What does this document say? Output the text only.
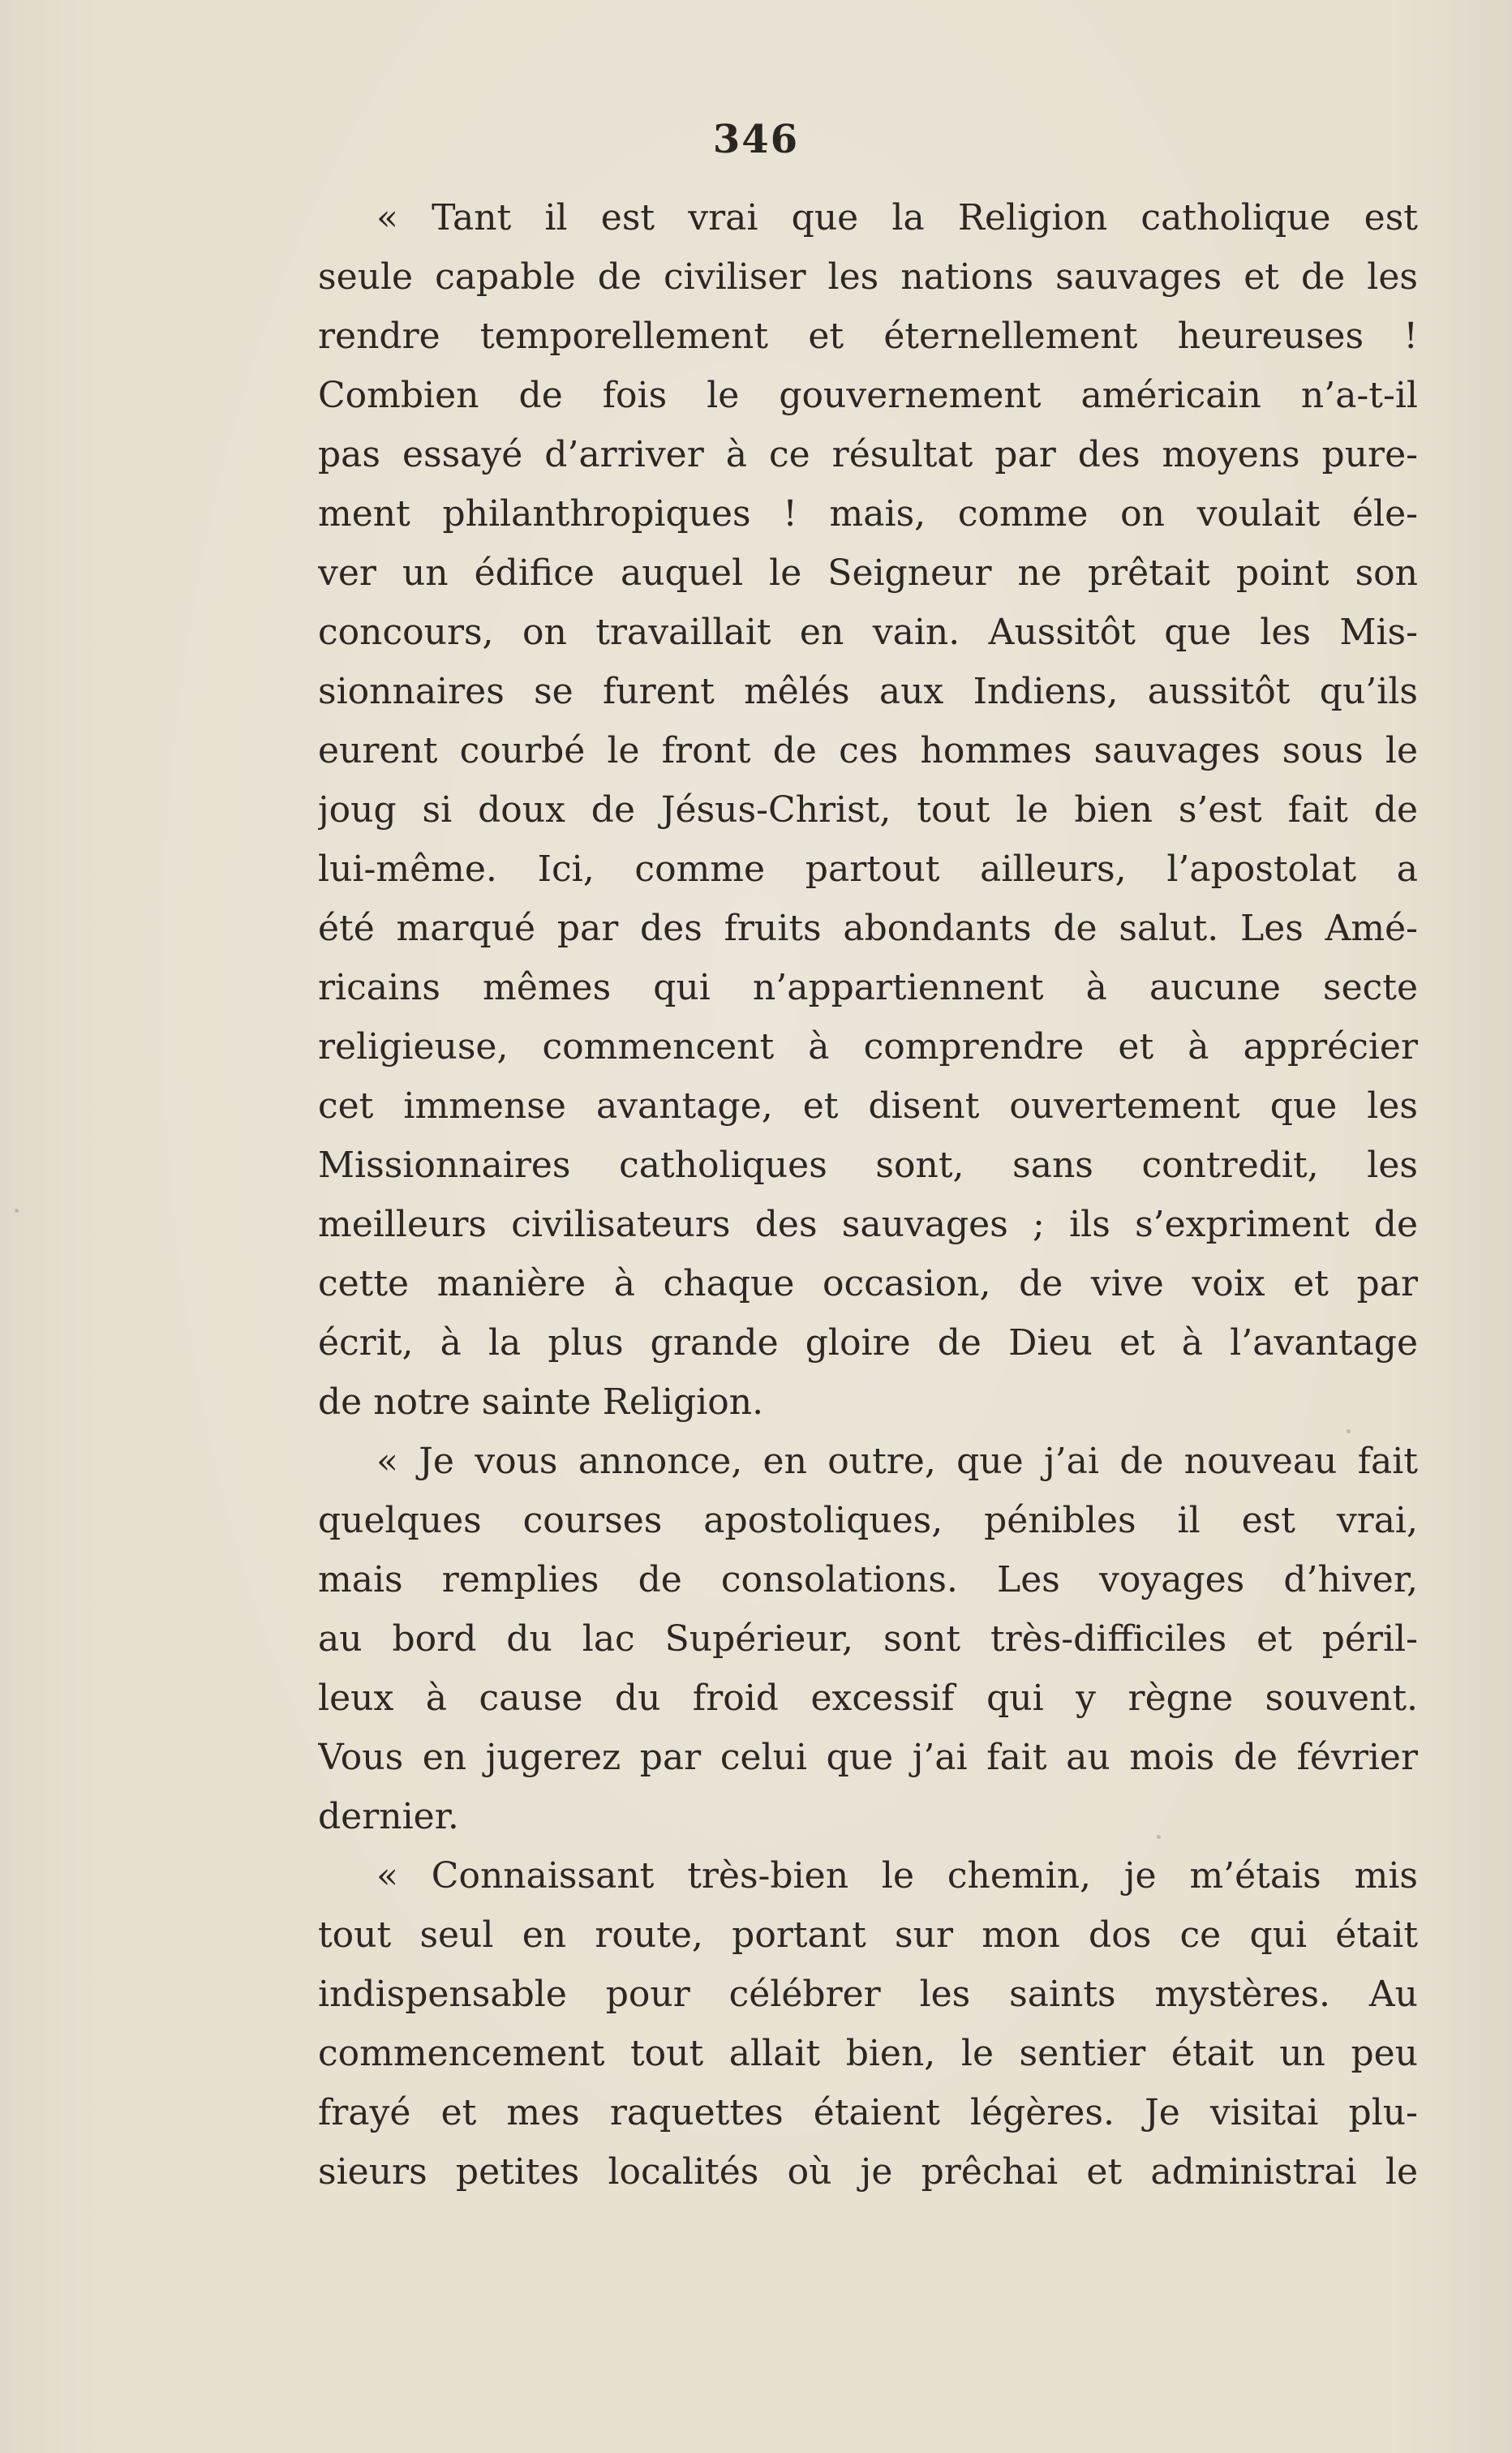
346
« Tant il est vrai que la Religion catholique est
seule capable de civiliser les nations sauvages et de les
rendre temporellement et éternellement heureuses !
Combien de fois le gouvernement américain n’a-t-il
pas essayé d’arriver à ce résultat par des moyens pure-
ment philanthropiques ! mais, comme on voulait éle-
ver un édifice auquel le Seigneur ne prêtait point son
concours, on travaillait en vain. Aussitôt que les Mis-
sionnaires se furent mêlés aux Indiens, aussitôt qu’ils
eurent courbé le front de ces hommes sauvages sous le
joug si doux de Jésus-Christ, tout le bien s’est fait de
lui-même. Ici, comme partout ailleurs, l’apostolat a
été marqué par des fruits abondants de salut. Les Amé-
ricains mêmes qui n’appartiennent à aucune secte
religieuse, commencent à comprendre et à apprécier
cet immense avantage, et disent ouvertement que les
Missionnaires catholiques sont, sans contredit, les
meilleurs civilisateurs des sauvages ; ils s’expriment de
cette manière à chaque occasion, de vive voix et par
écrit, à la plus grande gloire de Dieu et à l’avantage
de notre sainte Religion.
« Je vous annonce, en outre, que j’ai de nouveau fait
quelques courses apostoliques, pénibles il est vrai,
mais remplies de consolations. Les voyages d’hiver,
au bord du lac Supérieur, sont très-difficiles et péril-
leux à cause du froid excessif qui y règne souvent.
Vous en jugerez par celui que j’ai fait au mois de février
dernier.
« Connaissant très-bien le chemin, je m’étais mis
tout seul en route, portant sur mon dos ce qui était
indispensable pour célébrer les saints mystères. Au
commencement tout allait bien, le sentier était un peu
frayé et mes raquettes étaient légères. Je visitai plu-
sieurs petites localités où je prêchai et administrai le
